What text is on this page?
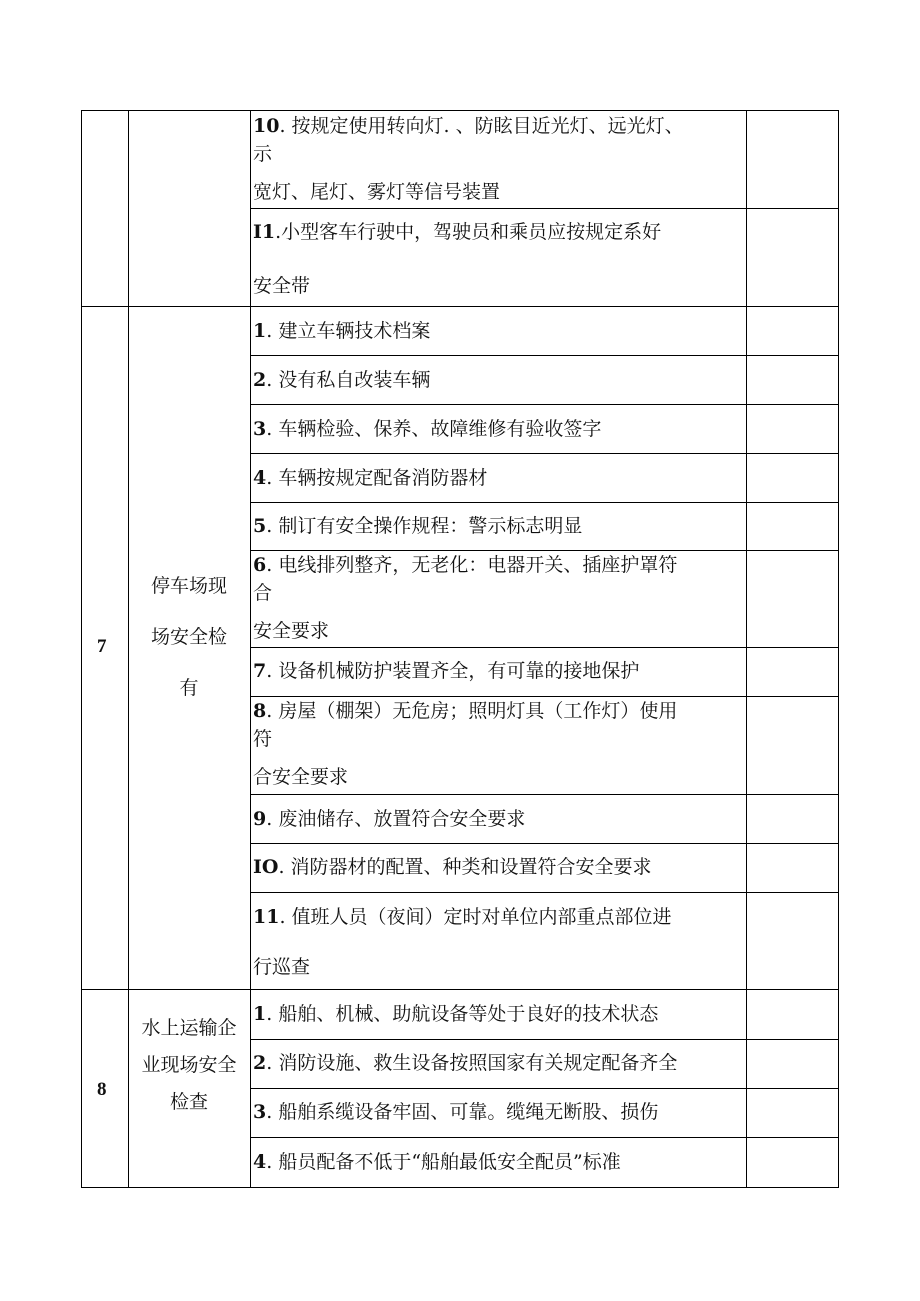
10. 按规定使用转向灯. 、防眩目近光灯、远光灯、
示
宽灯、尾灯、雾灯等信号装置
I1.小型客车行驶中，驾驶员和乘员应按规定系好
安全带
7
停车场现
场安全检
有
1. 建立车辆技术档案
2. 没有私自改装车辆
3. 车辆检验、保养、故障维修有验收签字
4. 车辆按规定配备消防器材
5. 制订有安全操作规程：警示标志明显
6. 电线排列整齐，无老化：电器开关、插座护罩符
合
安全要求
7. 设备机械防护装置齐全，有可靠的接地保护
8. 房屋（棚架）无危房；照明灯具（工作灯）使用
符
合安全要求
9. 废油储存、放置符合安全要求
IO. 消防器材的配置、种类和设置符合安全要求
11. 值班人员（夜间）定时对单位内部重点部位进
行巡查
8
水上运输企
业现场安全
检查
1. 船舶、机械、助航设备等处于良好的技术状态
2. 消防设施、救生设备按照国家有关规定配备齐全
3. 船舶系缆设备牢固、可靠。缆绳无断股、损伤
4. 船员配备不低于“船舶最低安全配员”标准
